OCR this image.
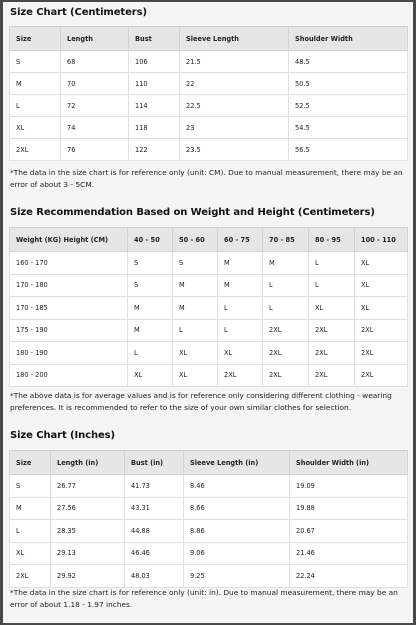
Size Chart (Centimeters)
Size	Length	Bust	Sleeve Length	Shoulder Width
S	68	106	21.5	48.5
M	70	110	22	50.5
L	72	114	22.5	52.5
XL	74	118	23	54.5
2XL	76	122	23.5	56.5
*The data in the size chart is for reference only (unit: CM). Due to manual measurement, there may be an error of about 3 - 5CM.
Size Recommendation Based on Weight and Height (Centimeters)
Weight (KG) Height (CM)	40 - 50	50 - 60	60 - 75	70 - 85	80 - 95	100 - 110
160 - 170	S	S	M	M	L	XL
170 - 180	S	M	M	L	L	XL
170 - 185	M	M	L	L	XL	XL
175 - 190	M	L	L	2XL	2XL	2XL
180 - 190	L	XL	XL	2XL	2XL	2XL
180 - 200	XL	XL	2XL	2XL	2XL	2XL
*The above data is for average values and is for reference only considering different clothing - wearing preferences. It is recommended to refer to the size of your own similar clothes for selection.
Size Chart (Inches)
Size	Length (in)	Bust (in)	Sleeve Length (in)	Shoulder Width (in)
S	26.77	41.73	8.46	19.09
M	27.56	43.31	8.66	19.88
L	28.35	44.88	8.86	20.67
XL	29.13	46.46	9.06	21.46
2XL	29.92	48.03	9.25	22.24
*The data in the size chart is for reference only (unit: in). Due to manual measurement, there may be an error of about 1.18 - 1.97 inches.
